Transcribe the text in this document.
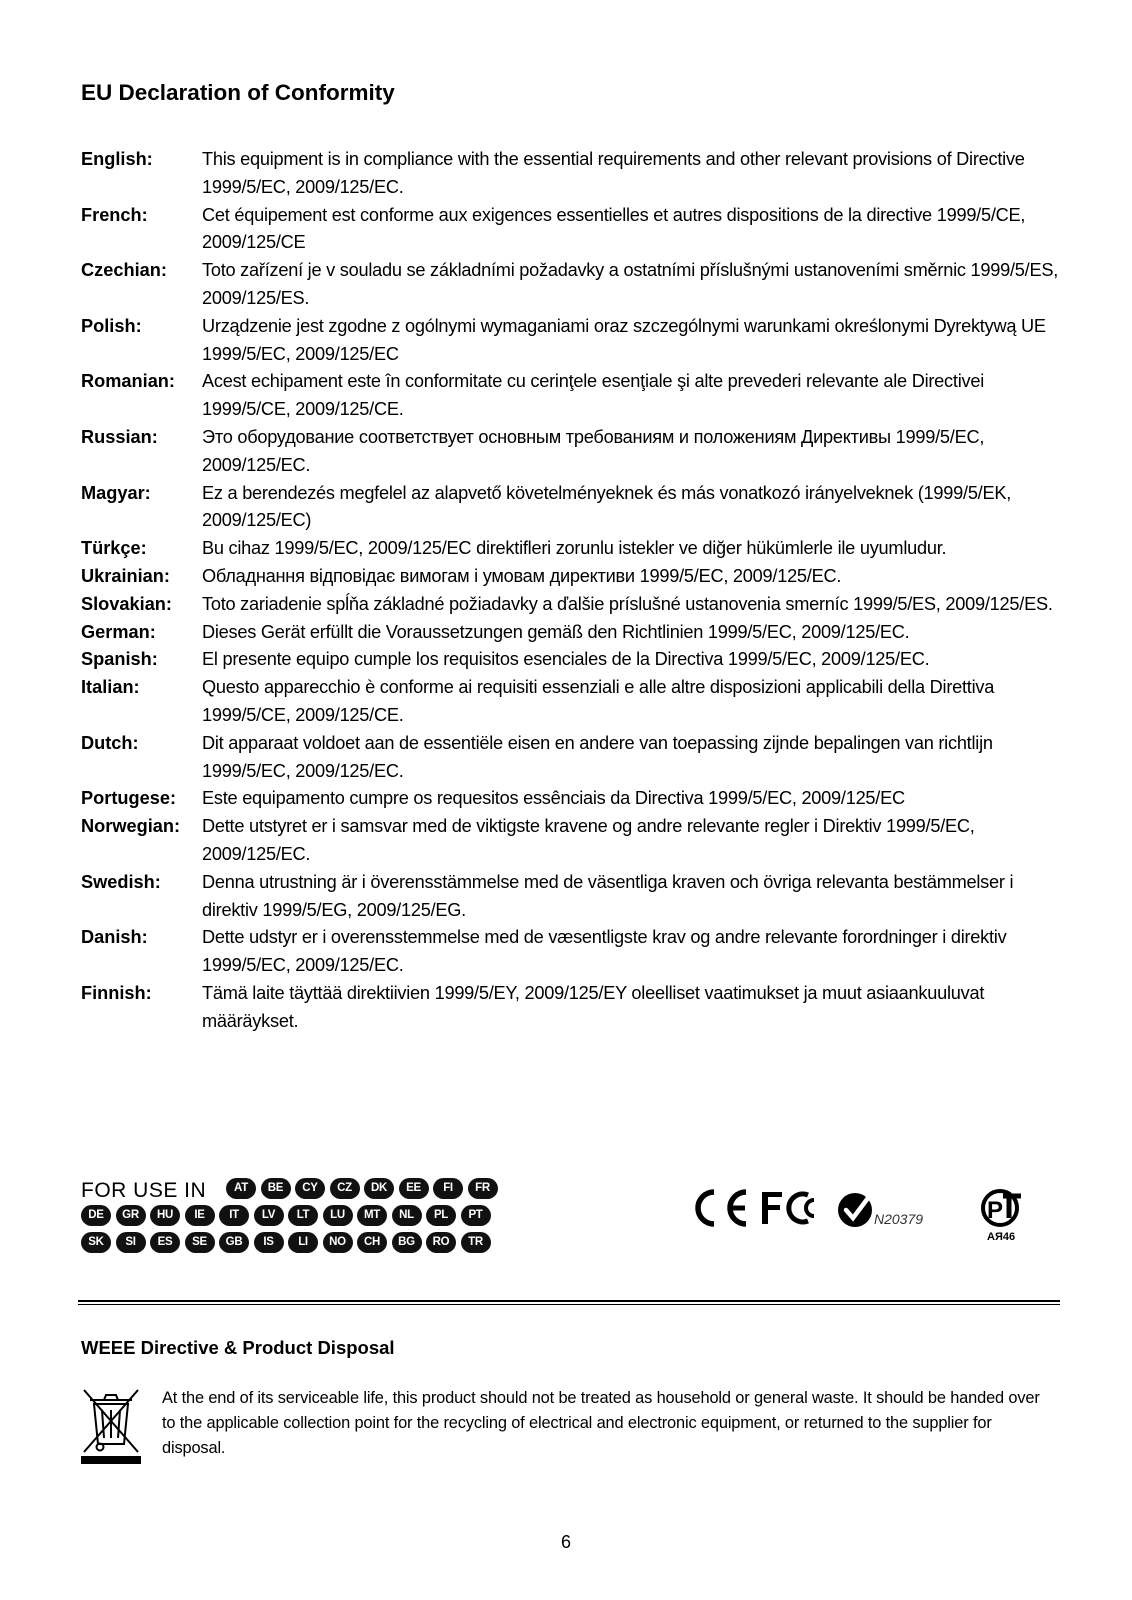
EU Declaration of Conformity
English:	This equipment is in compliance with the essential requirements and other relevant provisions of Directive 1999/5/EC, 2009/125/EC.
French:	Cet équipement est conforme aux exigences essentielles et autres dispositions de la directive 1999/5/CE, 2009/125/CE
Czechian:	Toto zařízení je v souladu se základními požadavky a ostatními příslušnými ustanoveními směrnic 1999/5/ES, 2009/125/ES.
Polish:	Urządzenie jest zgodne z ogólnymi wymaganiami oraz szczególnymi warunkami określonymi Dyrektywą UE 1999/5/EC, 2009/125/EC
Romanian:	Acest echipament este în conformitate cu cerinţele esenţiale şi alte prevederi relevante ale Directivei 1999/5/CE, 2009/125/CE.
Russian:	Это оборудование соответствует основным требованиям и положениям Директивы 1999/5/EC, 2009/125/EC.
Magyar:	Ez a berendezés megfelel az alapvető követelményeknek és más vonatkozó irányelveknek (1999/5/EK, 2009/125/EC)
Türkçe:	Bu cihaz 1999/5/EC, 2009/125/EC direktifleri zorunlu istekler ve diğer hükümlerle ile uyumludur.
Ukrainian:	Обладнання відповідає вимогам і умовам директиви 1999/5/ЕС, 2009/125/EC.
Slovakian:	Toto zariadenie spĺňa základné požiadavky a ďalšie príslušné ustanovenia smerníc 1999/5/ES, 2009/125/ES.
German:	Dieses Gerät erfüllt die Voraussetzungen gemäß den Richtlinien 1999/5/EC, 2009/125/EC.
Spanish:	El presente equipo cumple los requisitos esenciales de la Directiva 1999/5/EC, 2009/125/EC.
Italian:	Questo apparecchio è conforme ai requisiti essenziali e alle altre disposizioni applicabili della Direttiva 1999/5/CE, 2009/125/CE.
Dutch:	Dit apparaat voldoet aan de essentiële eisen en andere van toepassing zijnde bepalingen van richtlijn 1999/5/EC, 2009/125/EC.
Portugese:	Este equipamento cumpre os requesitos essênciais da Directiva 1999/5/EC, 2009/125/EC
Norwegian:	Dette utstyret er i samsvar med de viktigste kravene og andre relevante regler i Direktiv 1999/5/EC, 2009/125/EC.
Swedish:	Denna utrustning är i överensstämmelse med de väsentliga kraven och övriga relevanta bestämmelser i direktiv 1999/5/EG, 2009/125/EG.
Danish:	Dette udstyr er i overensstemmelse med de væsentligste krav og andre relevante forordninger i direktiv 1999/5/EC, 2009/125/EC.
Finnish:	Tämä laite täyttää direktiivien 1999/5/EY, 2009/125/EY oleelliset vaatimukset ja muut asiaankuuluvat määräykset.
FOR USE IN	AT	BE	CY	CZ	DK	EE	FI	FR
DE	GR	HU	IE	IT	LV	LT	LU	MT	NL	PL	PT
SK	SI	ES	SE	GB	IS	LI	NO	CH	BG	RO	TR
N20379	P
АЯ46
WEEE Directive & Product Disposal
At the end of its serviceable life, this product should not be treated as household or general waste. It should be handed over to the applicable collection point for the recycling of electrical and electronic equipment, or returned to the supplier for disposal.
6
